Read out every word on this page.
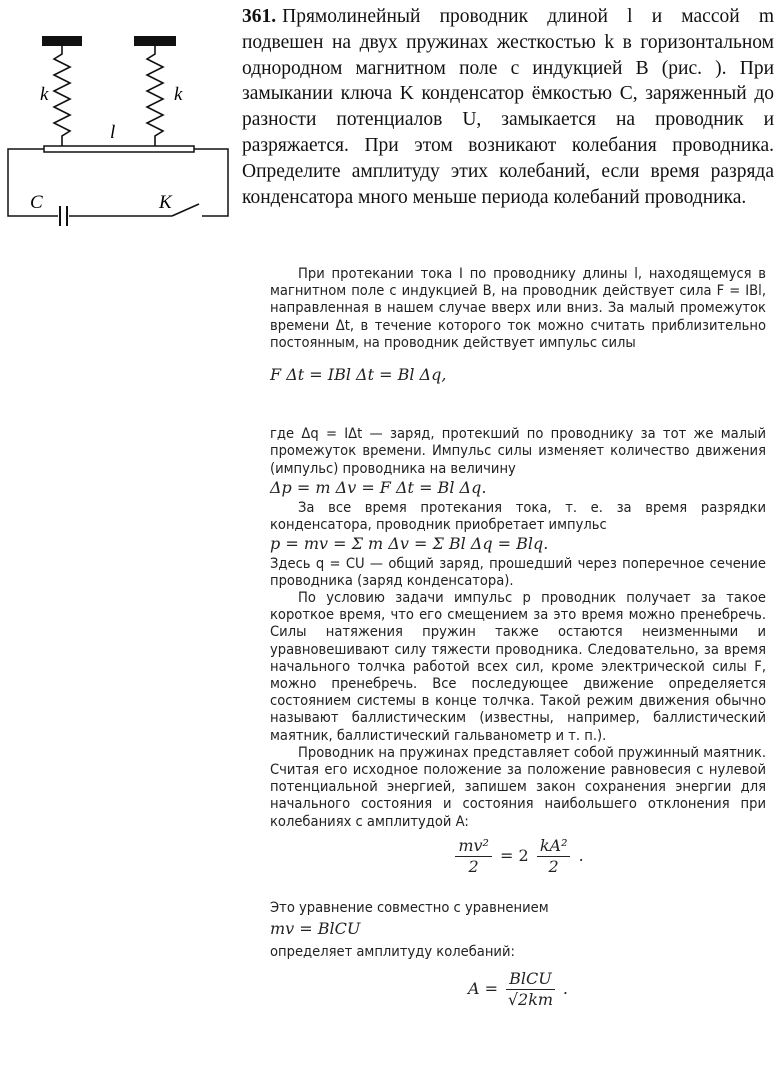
361. Прямолинейный проводник длиной l и массой m подвешен на двух пружинах жесткостью k в горизонтальном однородном магнитном поле с индукцией B (рис. ). При замыкании ключа K конденсатор ёмкостью C, заряженный до разности потенциалов U, замыкается на проводник и разряжается. При этом возникают колебания проводника. Определите амплитуду этих колебаний, если время разряда конденсатора много меньше периода колебаний проводника.

k	k
l
C	K

При протекании тока I по проводнику длины l, находящемуся в магнитном поле с индукцией B, на проводник действует сила F = IBl, направленная в нашем случае вверх или вниз. За малый промежуток времени Δt, в течение которого ток можно считать приблизительно постоянным, на проводник действует импульс силы

F Δt = IBl Δt = Bl Δq,

где Δq = IΔt — заряд, протекший по проводнику за тот же малый промежуток времени. Импульс силы изменяет количество движения (импульс) проводника на величину

Δp = m Δv = F Δt = Bl Δq.

За все время протекания тока, т. е. за время разрядки конденсатора, проводник приобретает импульс

p = mv = Σ m Δv = Σ Bl Δq = Blq.

Здесь q = CU — общий заряд, прошедший через поперечное сечение проводника (заряд конденсатора).

По условию задачи импульс p проводник получает за такое короткое время, что его смещением за это время можно пренебречь. Силы натяжения пружин также остаются неизменными и уравновешивают силу тяжести проводника. Следовательно, за время начального толчка работой всех сил, кроме электрической силы F, можно пренебречь. Все последующее движение определяется состоянием системы в конце толчка. Такой режим движения обычно называют баллистическим (известны, например, баллистический маятник, баллистический гальванометр и т. п.).

Проводник на пружинах представляет собой пружинный маятник. Считая его исходное положение за положение равновесия с нулевой потенциальной энергией, запишем закон сохранения энергии для начального состояния и состояния наибольшего отклонения при колебаниях с амплитудой A:

$\frac{\text{mv²}}{2} = 2 \frac{\text{kA²}}{2}$ .

Это уравнение совместно с уравнением

mv = BlCU

определяет амплитуду колебаний:

$A = \frac{\text{BlCU}}{√2km}$ .
